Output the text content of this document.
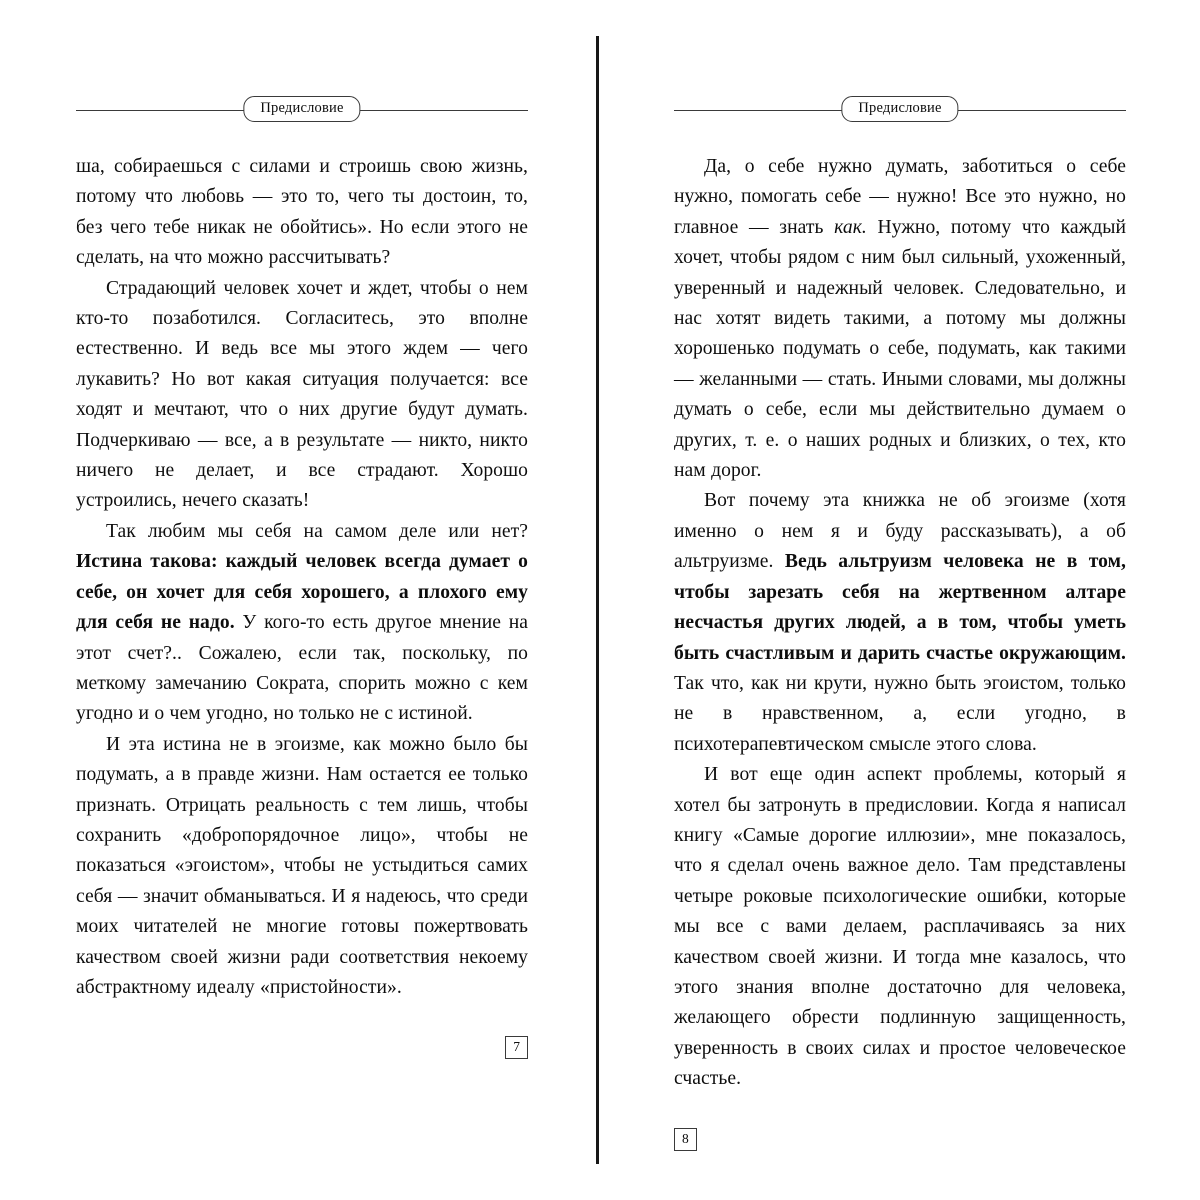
Предисловие

ша, собираешься с силами и строишь свою жизнь, потому что любовь — это то, чего ты достоин, то, без чего тебе никак не обойтись». Но если этого не сделать, на что можно рассчитывать?

Страдающий человек хочет и ждет, чтобы о нем кто-то позаботился. Согласитесь, это вполне естественно. И ведь все мы этого ждем — чего лукавить? Но вот какая ситуация получается: все ходят и мечтают, что о них другие будут думать. Подчеркиваю — все, а в результате — никто, никто ничего не делает, и все страдают. Хорошо устроились, нечего сказать!

Так любим мы себя на самом деле или нет? Истина такова: каждый человек всегда думает о себе, он хочет для себя хорошего, а плохого ему для себя не надо. У кого-то есть другое мнение на этот счет?.. Сожалею, если так, поскольку, по меткому замечанию Сократа, спорить можно с кем угодно и о чем угодно, но только не с истиной.

И эта истина не в эгоизме, как можно было бы подумать, а в правде жизни. Нам остается ее только признать. Отрицать реальность с тем лишь, чтобы сохранить «добропорядочное лицо», чтобы не показаться «эгоистом», чтобы не устыдиться самих себя — значит обманываться. И я надеюсь, что среди моих читателей не многие готовы пожертвовать качеством своей жизни ради соответствия некоему абстрактному идеалу «пристойности».

7
Предисловие

Да, о себе нужно думать, заботиться о себе нужно, помогать себе — нужно! Все это нужно, но главное — знать как. Нужно, потому что каждый хочет, чтобы рядом с ним был сильный, ухоженный, уверенный и надежный человек. Следовательно, и нас хотят видеть такими, а потому мы должны хорошенько подумать о себе, подумать, как такими — желанными — стать. Иными словами, мы должны думать о себе, если мы действительно думаем о других, т. е. о наших родных и близких, о тех, кто нам дорог.

Вот почему эта книжка не об эгоизме (хотя именно о нем я и буду рассказывать), а об альтруизме. Ведь альтруизм человека не в том, чтобы зарезать себя на жертвенном алтаре несчастья других людей, а в том, чтобы уметь быть счастливым и дарить счастье окружающим. Так что, как ни крути, нужно быть эгоистом, только не в нравственном, а, если угодно, в психотерапевтическом смысле этого слова.

И вот еще один аспект проблемы, который я хотел бы затронуть в предисловии. Когда я написал книгу «Самые дорогие иллюзии», мне показалось, что я сделал очень важное дело. Там представлены четыре роковые психологические ошибки, которые мы все с вами делаем, расплачиваясь за них качеством своей жизни. И тогда мне казалось, что этого знания вполне достаточно для человека, желающего обрести подлинную защищенность, уверенность в своих силах и простое человеческое счастье.

8
